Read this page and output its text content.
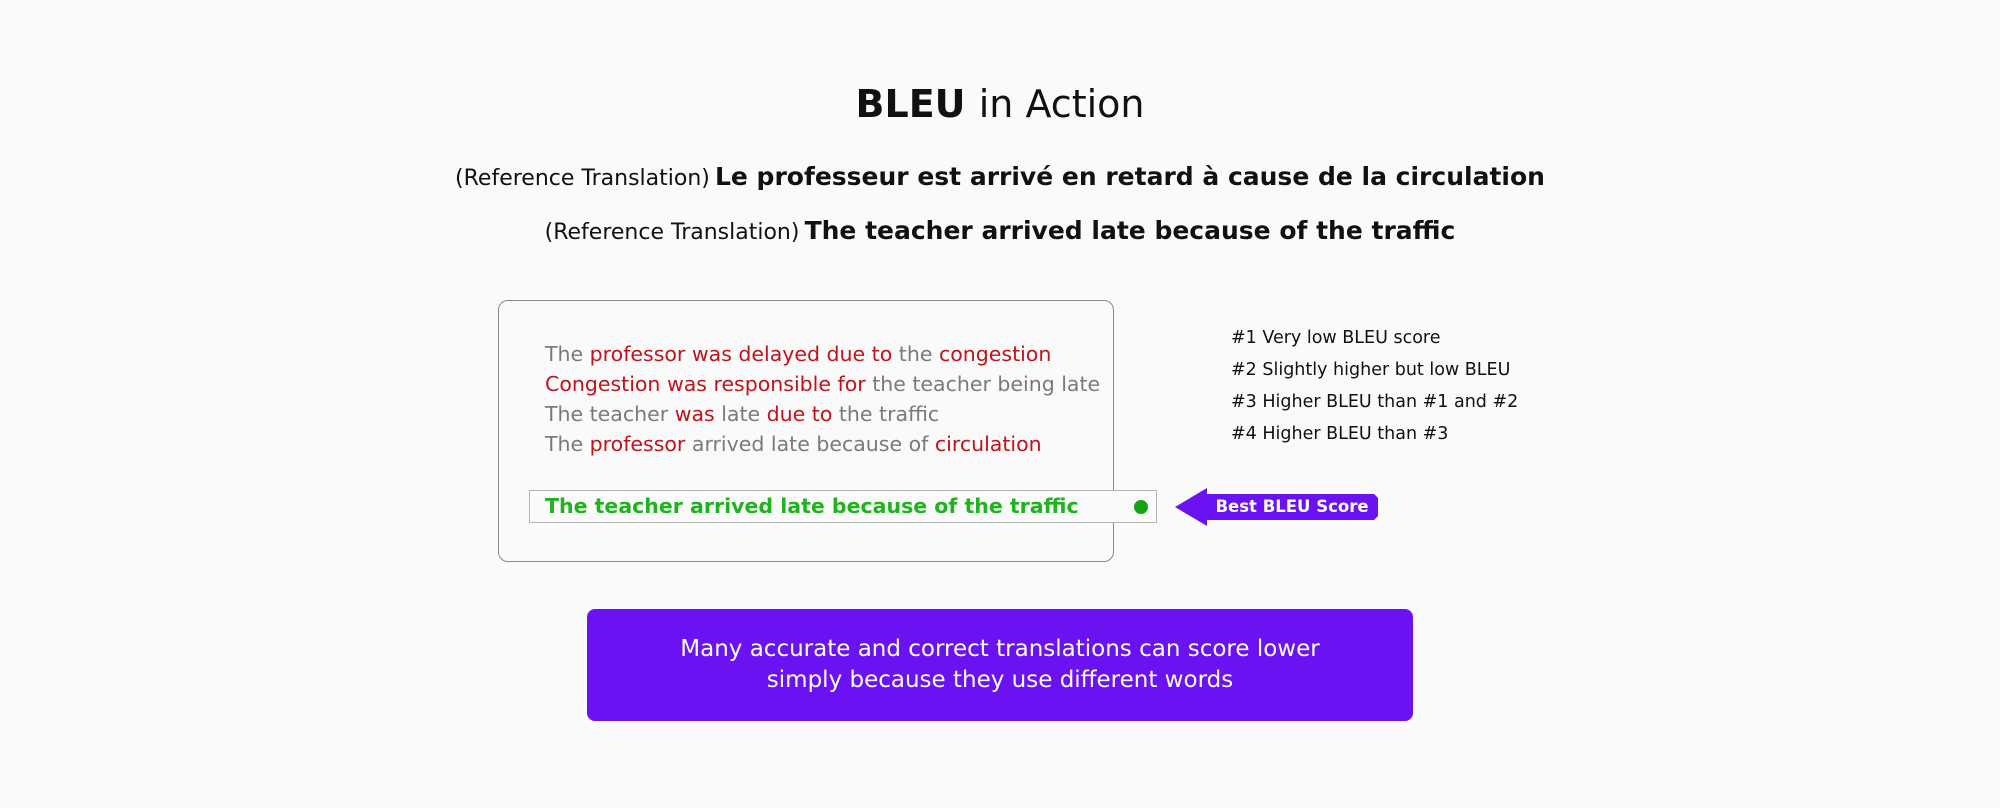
BLEU in Action
(Reference Translation) Le professeur est arrivé en retard à cause de la circulation
(Reference Translation) The teacher arrived late because of the traffic
The professor was delayed due to the congestion
Congestion was responsible for the teacher being late
The teacher was late due to the traffic
The professor arrived late because of circulation
The teacher arrived late because of the traffic	Best BLEU Score
#1 Very low BLEU score
#2 Slightly higher but low BLEU
#3 Higher BLEU than #1 and #2
#4 Higher BLEU than #3
Many accurate and correct translations can score lower
simply because they use different words
